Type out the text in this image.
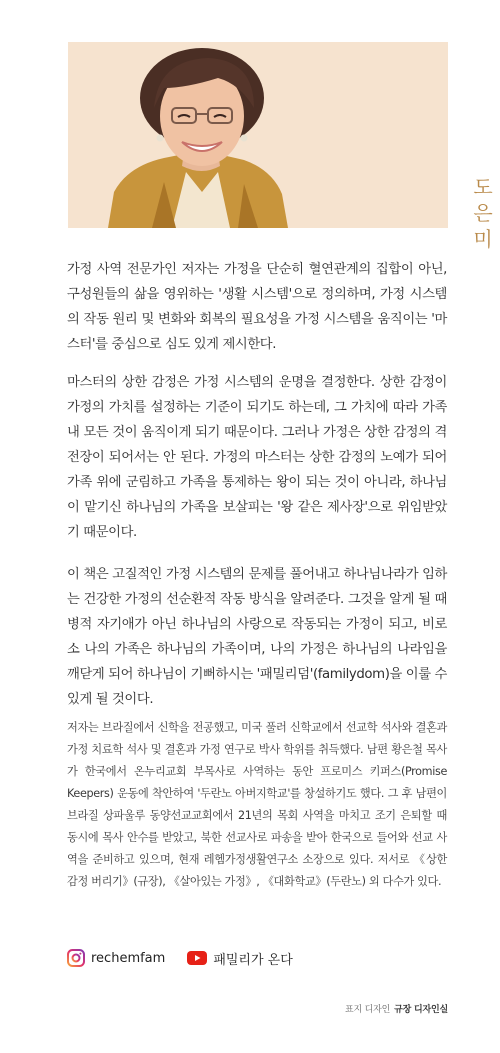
도
은
미

가정 사역 전문가인 저자는 가정을 단순히 혈연관계의 집합이 아닌, 구성원들의 삶을 영위하는 '생활 시스템'으로 정의하며, 가정 시스템의 작동 원리 및 변화와 회복의 필요성을 가정 시스템을 움직이는 '마스터'를 중심으로 심도 있게 제시한다.

마스터의 상한 감정은 가정 시스템의 운명을 결정한다. 상한 감정이 가정의 가치를 설정하는 기준이 되기도 하는데, 그 가치에 따라 가족 내 모든 것이 움직이게 되기 때문이다. 그러나 가정은 상한 감정의 격전장이 되어서는 안 된다. 가정의 마스터는 상한 감정의 노예가 되어 가족 위에 군림하고 가족을 통제하는 왕이 되는 것이 아니라, 하나님이 맡기신 하나님의 가족을 보살피는 '왕 같은 제사장'으로 위임받았기 때문이다.

이 책은 고질적인 가정 시스템의 문제를 풀어내고 하나님나라가 임하는 건강한 가정의 선순환적 작동 방식을 알려준다. 그것을 알게 될 때 병적 자기애가 아닌 하나님의 사랑으로 작동되는 가정이 되고, 비로소 나의 가족은 하나님의 가족이며, 나의 가정은 하나님의 나라임을 깨닫게 되어 하나님이 기뻐하시는 '패밀리덤'(familydom)을 이룰 수 있게 될 것이다.

저자는 브라질에서 신학을 전공했고, 미국 풀러 신학교에서 선교학 석사와 결혼과 가정 치료학 석사 및 결혼과 가정 연구로 박사 학위를 취득했다. 남편 황은철 목사가 한국에서 온누리교회 부목사로 사역하는 동안 프로미스 키퍼스(Promise Keepers) 운동에 착안하여 '두란노 아버지학교'를 창설하기도 했다. 그 후 남편이 브라질 상파울루 동양선교교회에서 21년의 목회 사역을 마치고 조기 은퇴할 때 동시에 목사 안수를 받았고, 북한 선교사로 파송을 받아 한국으로 들어와 선교 사역을 준비하고 있으며, 현재 레헴가정생활연구소 소장으로 있다. 저서로 《상한 감정 버리기》(규장), 《살아있는 가정》, 《대화학교》(두란노) 외 다수가 있다.

rechemfam	패밀리가 온다
표지 디자인 규장 디자인실
